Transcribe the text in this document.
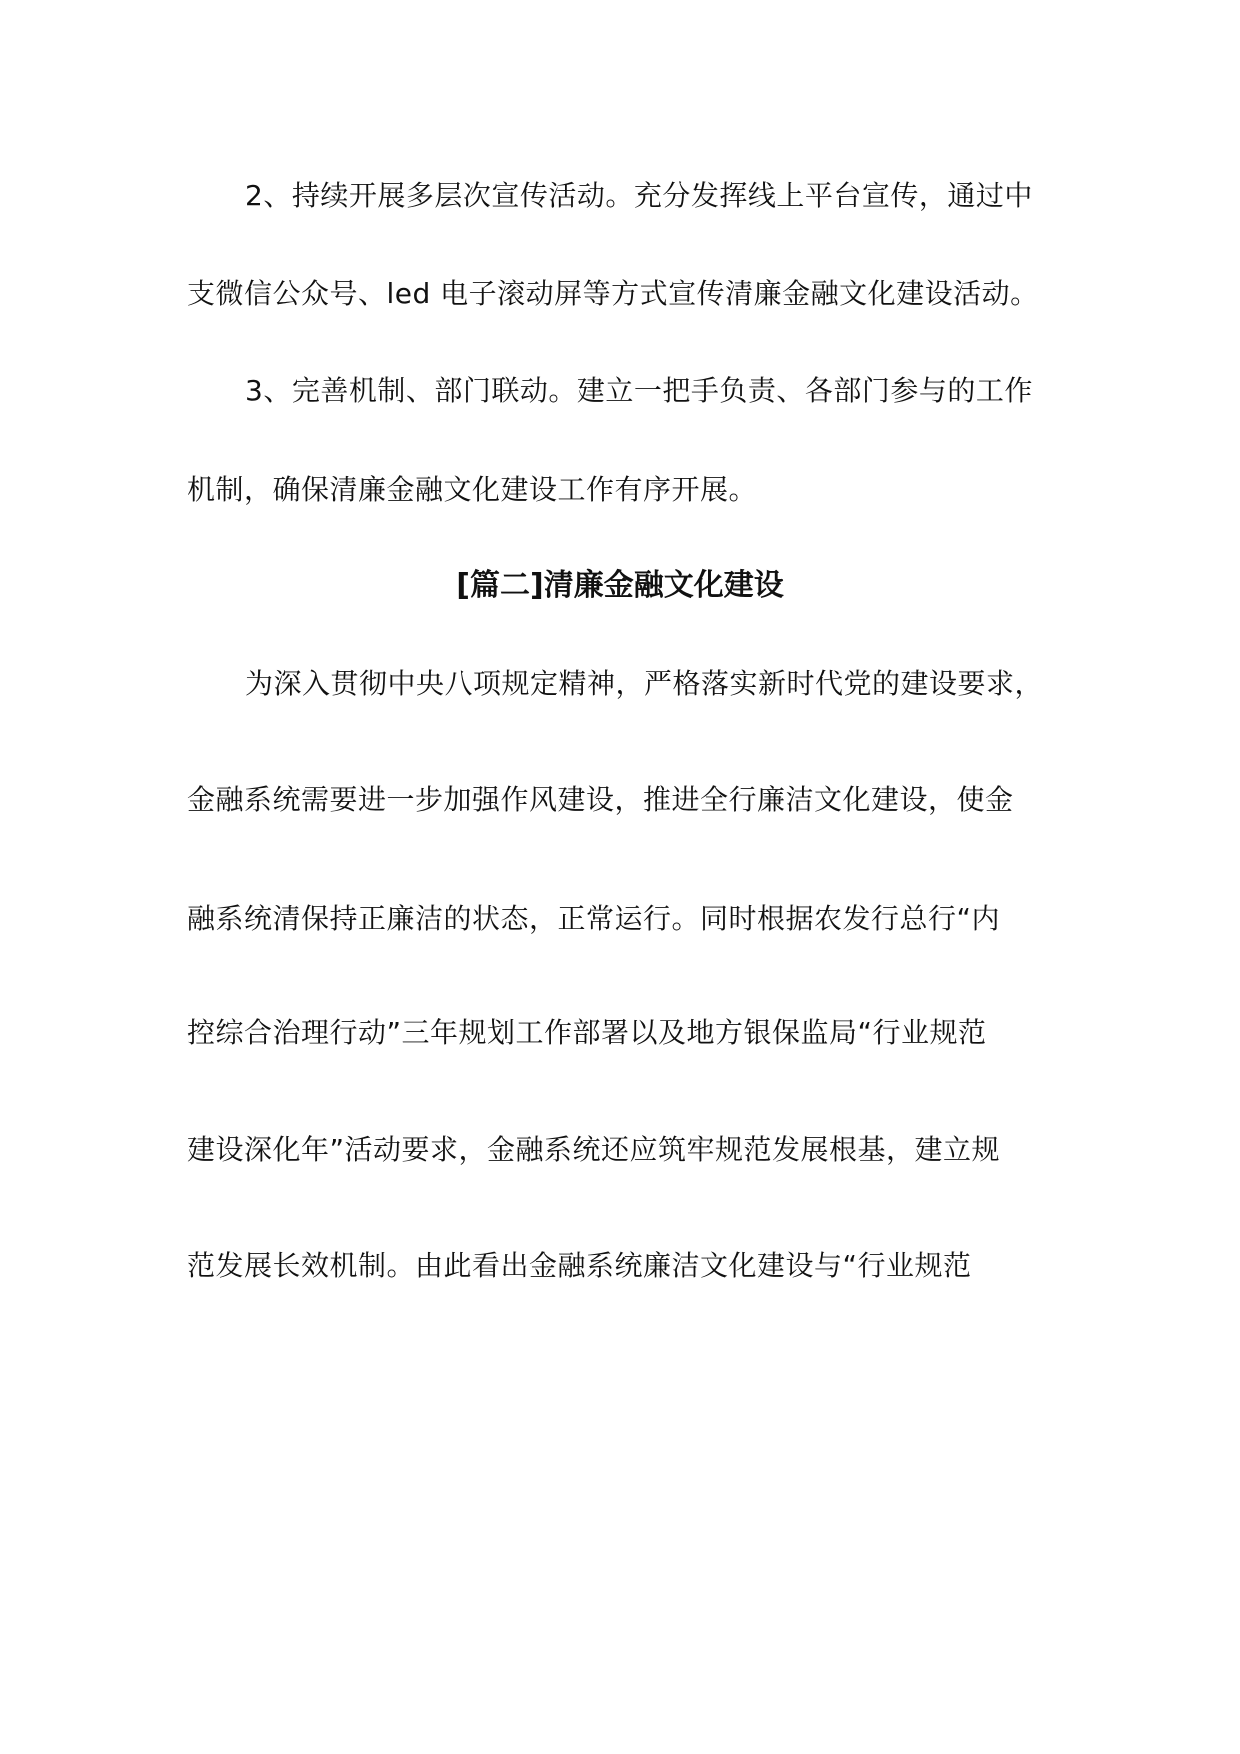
2、持续开展多层次宣传活动。充分发挥线上平台宣传，通过中
支微信公众号、led 电子滚动屏等方式宣传清廉金融文化建设活动。
3、完善机制、部门联动。建立一把手负责、各部门参与的工作
机制，确保清廉金融文化建设工作有序开展。
[篇二]清廉金融文化建设
为深入贯彻中央八项规定精神，严格落实新时代党的建设要求，
金融系统需要进一步加强作风建设，推进全行廉洁文化建设，使金
融系统清保持正廉洁的状态，正常运行。同时根据农发行总行“内
控综合治理行动”三年规划工作部署以及地方银保监局“行业规范
建设深化年”活动要求，金融系统还应筑牢规范发展根基，建立规
范发展长效机制。由此看出金融系统廉洁文化建设与“行业规范
